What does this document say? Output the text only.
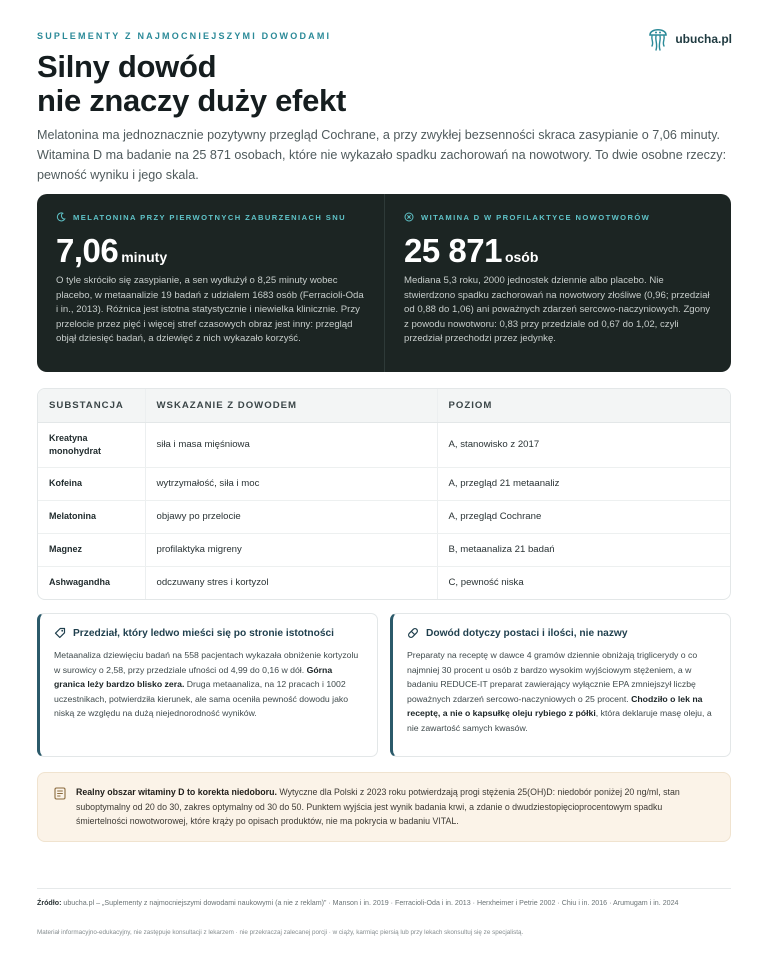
SUPLEMENTY Z NAJMOCNIEJSZYMI DOWODAMI	ubucha.pl
Silny dowód
nie znaczy duży efekt

Melatonina ma jednoznacznie pozytywny przegląd Cochrane, a przy zwykłej bezsenności skraca zasypianie o 7,06 minuty. Witamina D ma badanie na 25 871 osobach, które nie wykazało spadku zachorowań na nowotwory. To dwie osobne rzeczy: pewność wyniku i jego skala.

MELATONINA PRZY PIERWOTNYCH ZABURZENIACH SNU
7,06 minuty

O tyle skróciło się zasypianie, a sen wydłużył o 8,25 minuty wobec placebo, w metaanalizie 19 badań z udziałem 1683 osób (Ferracioli-Oda i in., 2013). Różnica jest istotna statystycznie i niewielka klinicznie. Przy przelocie przez pięć i więcej stref czasowych obraz jest inny: przegląd objął dziesięć badań, a dziewięć z nich wykazało korzyść.

WITAMINA D W PROFILAKTYCE NOWOTWORÓW
25 871 osób

Mediana 5,3 roku, 2000 jednostek dziennie albo placebo. Nie stwierdzono spadku zachorowań na nowotwory złośliwe (0,96; przedział od 0,88 do 1,06) ani poważnych zdarzeń sercowo-naczyniowych. Zgony z powodu nowotworu: 0,83 przy przedziale od 0,67 do 1,02, czyli przedział przechodzi przez jedynkę.

SUBSTANCJA	WSKAZANIE Z DOWODEM	POZIOM
Kreatyna monohydrat	siła i masa mięśniowa	A, stanowisko z 2017
Kofeina	wytrzymałość, siła i moc	A, przegląd 21 metaanaliz
Melatonina	objawy po przelocie	A, przegląd Cochrane
Magnez	profilaktyka migreny	B, metaanaliza 21 badań
Ashwagandha	odczuwany stres i kortyzol	C, pewność niska
Przedział, który ledwo mieści się po stronie istotności

Metaanaliza dziewięciu badań na 558 pacjentach wykazała obniżenie kortyzolu w surowicy o 2,58, przy przedziale ufności od 4,99 do 0,16 w dół. Górna granica leży bardzo blisko zera. Druga metaanaliza, na 12 pracach i 1002 uczestnikach, potwierdziła kierunek, ale sama oceniła pewność dowodu jako niską ze względu na dużą niejednorodność wyników.

Dowód dotyczy postaci i ilości, nie nazwy

Preparaty na receptę w dawce 4 gramów dziennie obniżają triglicerydy o co najmniej 30 procent u osób z bardzo wysokim wyjściowym stężeniem, a w badaniu REDUCE-IT preparat zawierający wyłącznie EPA zmniejszył liczbę poważnych zdarzeń sercowo-naczyniowych o 25 procent. Chodziło o lek na receptę, a nie o kapsułkę oleju rybiego z półki, która deklaruje masę oleju, a nie zawartość samych kwasów.

Realny obszar witaminy D to korekta niedoboru. Wytyczne dla Polski z 2023 roku potwierdzają progi stężenia 25(OH)D: niedobór poniżej 20 ng/ml, stan suboptymalny od 20 do 30, zakres optymalny od 30 do 50. Punktem wyjścia jest wynik badania krwi, a zdanie o dwudziestopięcioprocentowym spadku śmiertelności nowotworowej, które krąży po opisach produktów, nie ma pokrycia w badaniu VITAL.

Źródło: ubucha.pl – „Suplementy z najmocniejszymi dowodami naukowymi (a nie z reklam)” · Manson i in. 2019 · Ferracioli-Oda i in. 2013 · Herxheimer i Petrie 2002 · Chiu i in. 2016 · Arumugam i in. 2024

Materiał informacyjno-edukacyjny, nie zastępuje konsultacji z lekarzem · nie przekraczaj zalecanej porcji · w ciąży, karmiąc piersią lub przy lekach skonsultuj się ze specjalistą.
